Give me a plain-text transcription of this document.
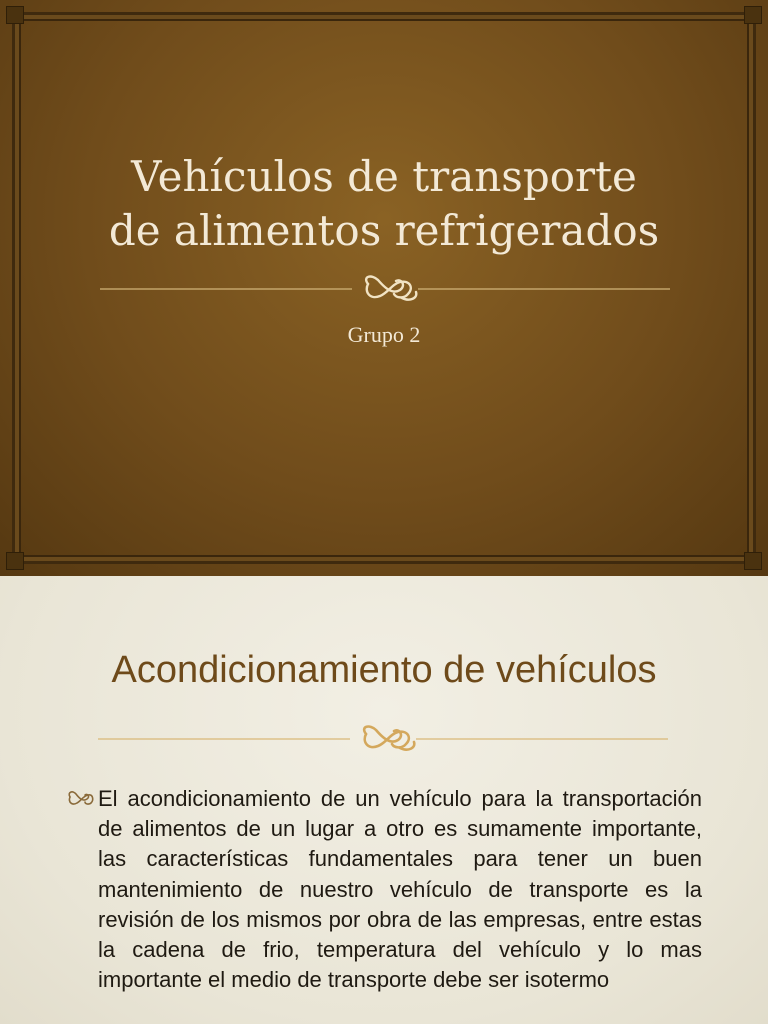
Vehículos de transporte
de alimentos refrigerados
Grupo 2
Acondicionamiento de vehículos

El acondicionamiento de un vehículo para la transportación de alimentos de un lugar a otro es sumamente importante, las características fundamentales para tener un buen mantenimiento de nuestro vehículo de transporte es la revisión de los mismos por obra de las empresas, entre estas la cadena de frio, temperatura del vehículo y lo mas importante el medio de transporte debe ser isotermo
